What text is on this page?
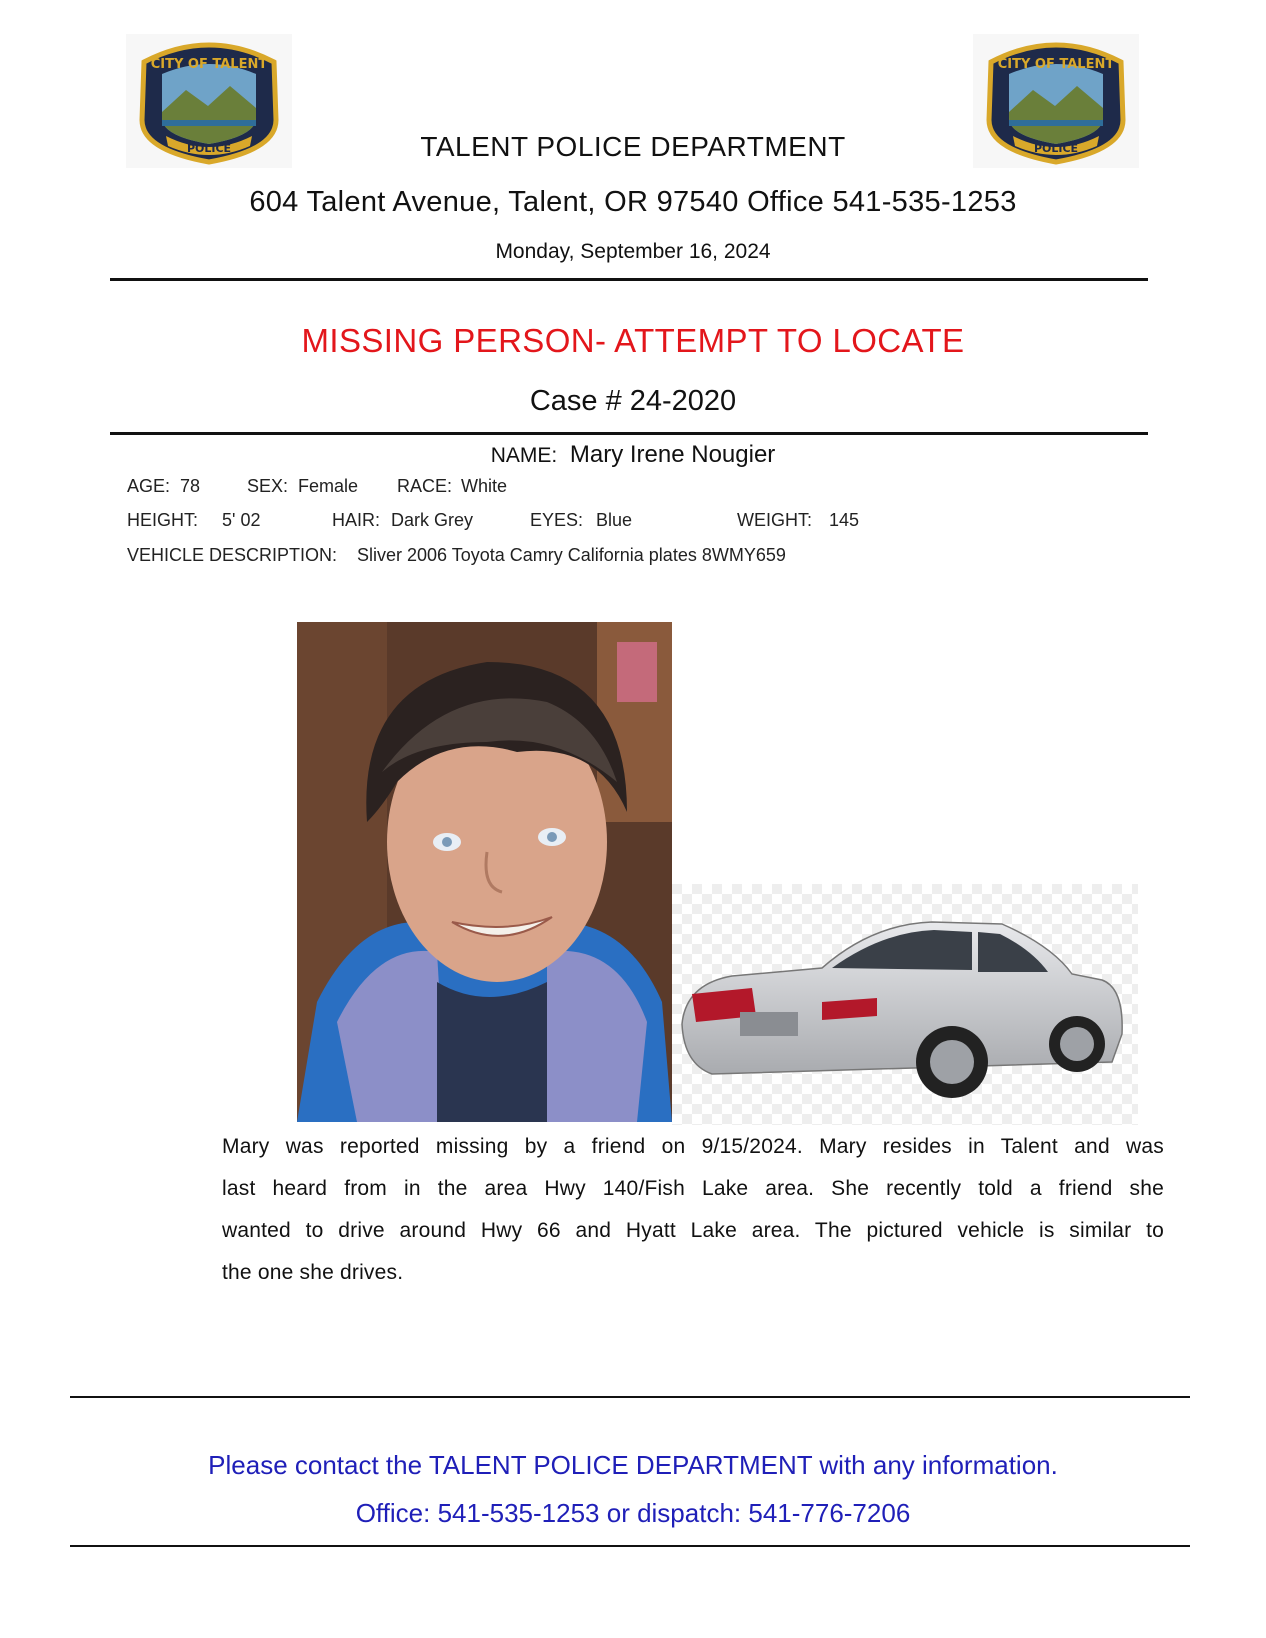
CITY OF TALENT
POLICE
CITY OF TALENT
POLICE
TALENT POLICE DEPARTMENT
604 Talent Avenue, Talent, OR 97540 Office 541-535-1253
Monday, September 16, 2024
MISSING PERSON- ATTEMPT TO LOCATE
Case # 24-2020
NAME: Mary Irene Nougier
AGE: 78	SEX: Female RACE: White
HEIGHT: 5' 02	HAIR: Dark Grey	EYES: Blue	WEIGHT: 145
VEHICLE DESCRIPTION: Sliver 2006 Toyota Camry California plates 8WMY659
Mary was reported missing by a friend on 9/15/2024. Mary resides in Talent and was
last heard from in the area Hwy 140/Fish Lake area. She recently told a friend she
wanted to drive around Hwy 66 and Hyatt Lake area. The pictured vehicle is similar to
the one she drives.
Please contact the TALENT POLICE DEPARTMENT with any information.
Office: 541-535-1253 or dispatch: 541-776-7206
